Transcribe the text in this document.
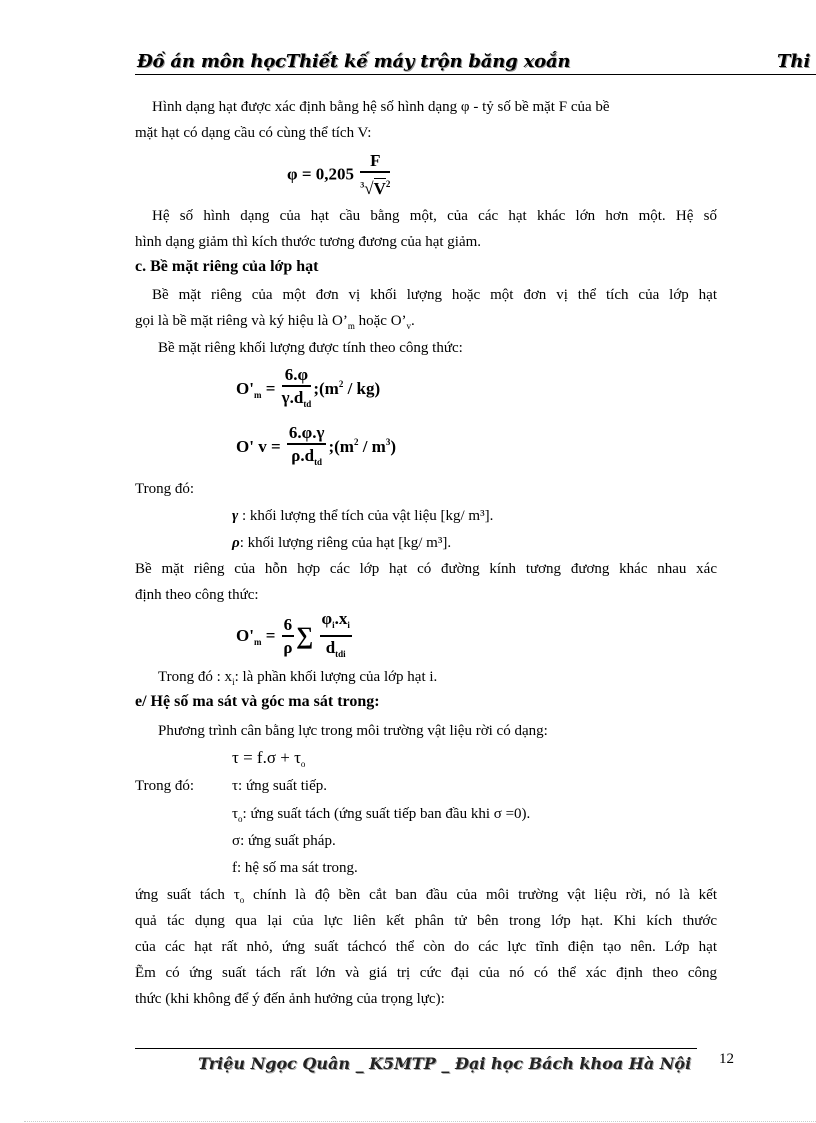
Đồ án môn họcThiết kế máy trộn băng xoắn	Thi
Hình dạng hạt được xác định bằng hệ số hình dạng φ - tỷ số bề mặt F của bề
mặt hạt có dạng cầu có cùng thể tích V:
$\varphi = 0,205 \frac{F}{^3√V^2}$
Hệ số hình dạng của hạt cầu bằng một, của các hạt khác lớn hơn một. Hệ số
hình dạng giảm thì kích thước tương đương của hạt giảm.
c. Bề mặt riêng của lớp hạt
Bề mặt riêng của một đơn vị khối lượng hoặc một đơn vị thể tích của lớp hạt
gọi là bề mặt riêng và ký hiệu là $O’_m$ hoặc $O’_v$.
Bề mặt riêng khối lượng được tính theo công thức:
$O'_m = \frac{6.\varphi}{\gamma.d_{td}}$ $;(m^2 / kg)$
O' $v = \frac{6.\varphi.\gamma}{\rho.d_{td}}$ $;(m^2 / m^3)$
Trong đó:
γ : khối lượng thể tích của vật liệu [kg/ m³].
ρ: khối lượng riêng của hạt [kg/ m³].
Bề mặt riêng của hỗn hợp các lớp hạt có đường kính tương đương khác nhau xác
định theo công thức:
$O'_m = \frac{6}{\rho}$ ∑ $\frac{\varphi_i.x_i}{d_{tdi}}$
Trong đó : $x_i$: là phần khối lượng của lớp hạt i.
e/ Hệ số ma sát và góc ma sát trong:
Phương trình cân bằng lực trong môi trường vật liệu rời có dạng:
$\tau = f.\sigma + \tau_o$
Trong đó:	τ: ứng suất tiếp.
$\tau_o$: ứng suất tách (ứng suất tiếp ban đầu khi σ =0).
σ: ứng suất pháp.
f: hệ số ma sát trong.
ứng suất tách $\tau_o$ chính là độ bền cắt ban đầu của môi trường vật liệu rời, nó là kết
quả tác dụng qua lại của lực liên kết phân tử bên trong lớp hạt. Khi kích thước
của các hạt rất nhỏ, ứng suất táchcó thể còn do các lực tĩnh điện tạo nên. Lớp hạt
Ẽm có ứng suất tách rất lớn và giá trị cức đại của nó có thể xác định theo công
thức (khi không để ý đến ảnh hưởng của trọng lực):
Triệu Ngọc Quân _ K5MTP _ Đại học Bách khoa Hà Nội 12
